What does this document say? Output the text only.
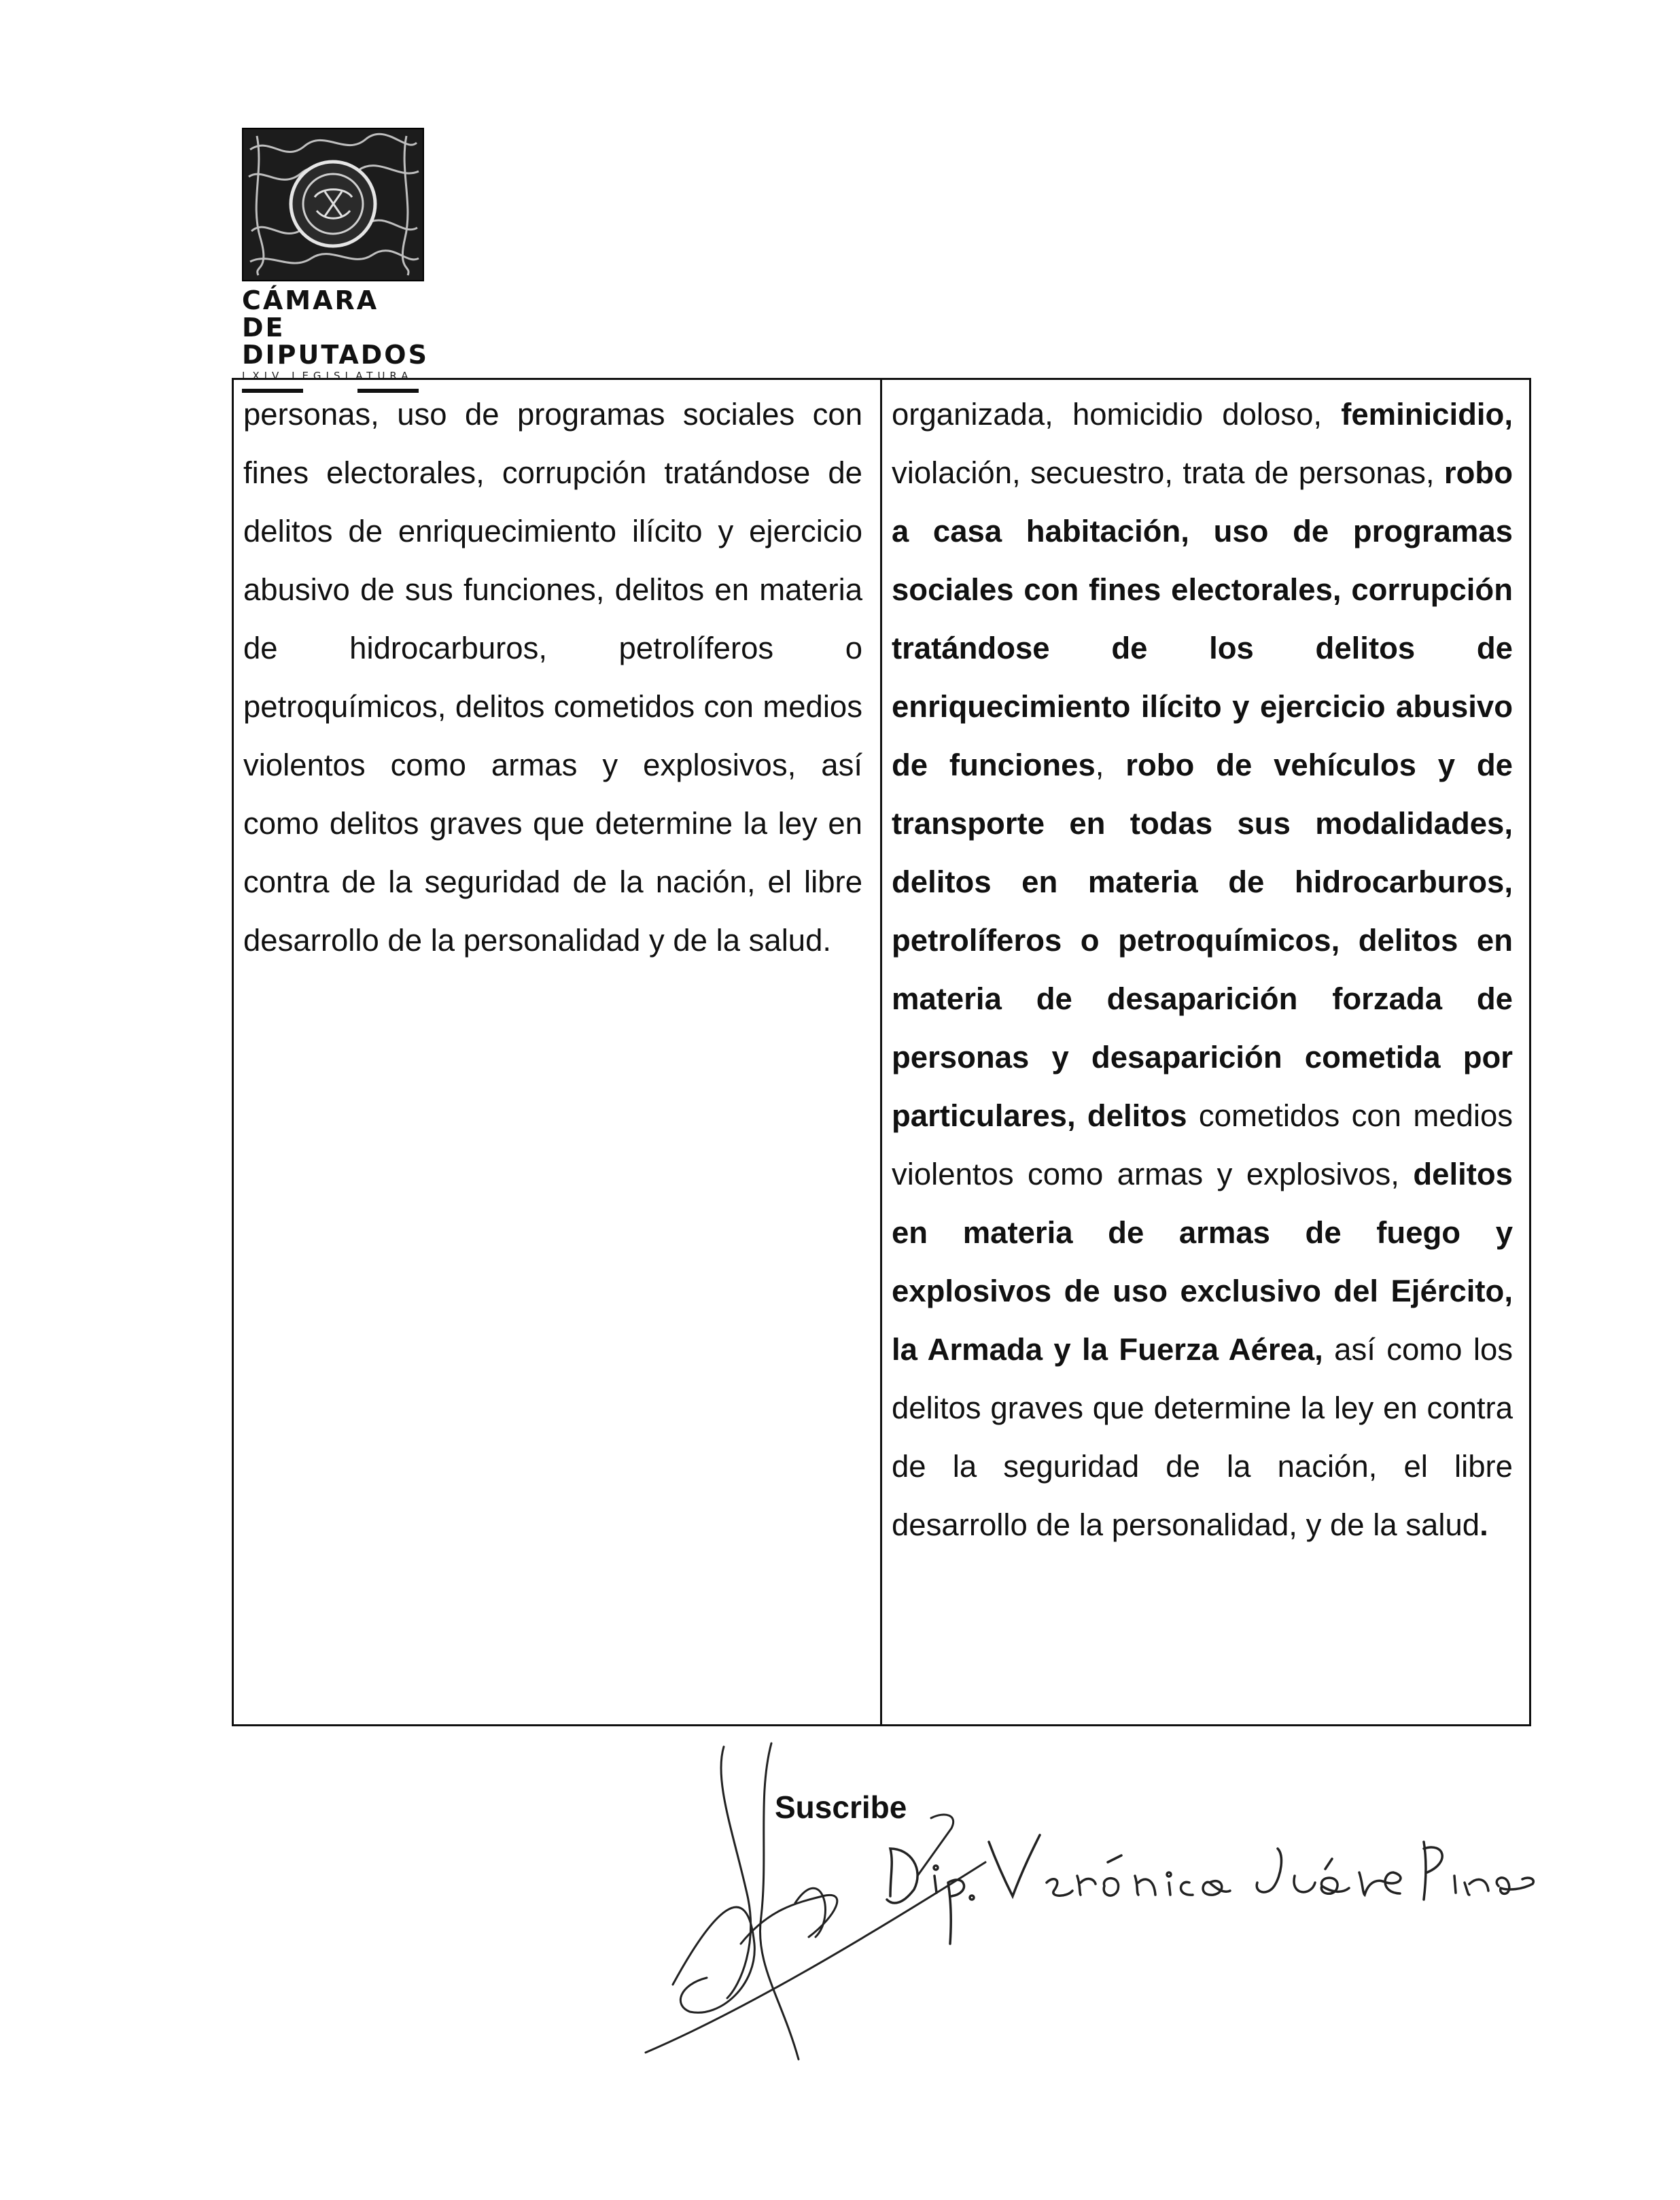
CÁMARA DE
DIPUTADOS
LXIV LEGISLATURA

personas, uso de programas sociales con fines electorales, corrupción tratándose de delitos de enriquecimiento ilícito y ejercicio abusivo de sus funciones, delitos en materia de hidrocarburos, petrolíferos o petroquímicos, delitos cometidos con medios violentos como armas y explosivos, así como delitos graves que determine la ley en contra de la seguridad de la nación, el libre desarrollo de la personalidad y de la salud.

organizada, homicidio doloso, feminicidio, violación, secuestro, trata de personas, robo a casa habitación, uso de programas sociales con fines electorales, corrupción tratándose de los delitos de enriquecimiento ilícito y ejercicio abusivo de funciones, robo de vehículos y de transporte en todas sus modalidades, delitos en materia de hidrocarburos, petrolíferos o petroquímicos, delitos en materia de desaparición forzada de personas y desaparición cometida por particulares, delitos cometidos con medios violentos como armas y explosivos, delitos en materia de armas de fuego y explosivos de uso exclusivo del Ejército, la Armada y la Fuerza Aérea, así como los delitos graves que determine la ley en contra de la seguridad de la nación, el libre desarrollo de la personalidad, y de la salud.

Suscribe
